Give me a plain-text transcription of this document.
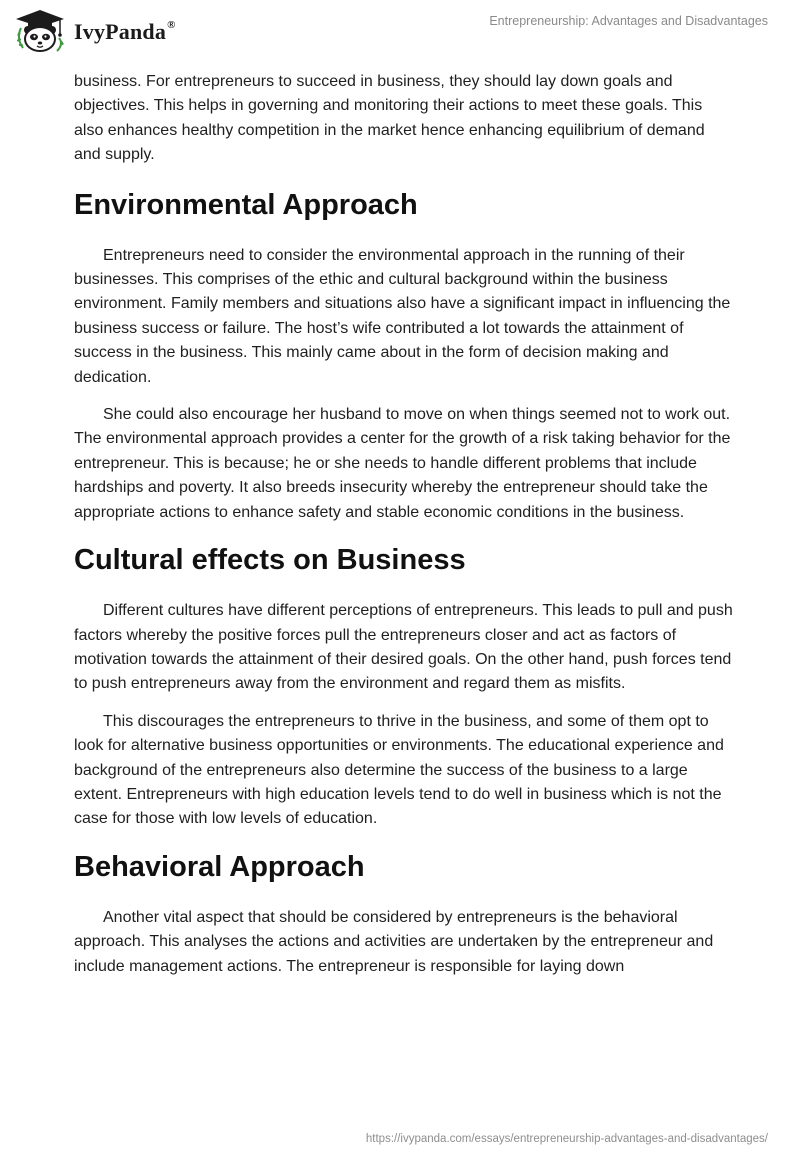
IvyPanda®	Entrepreneurship: Advantages and Disadvantages

business. For entrepreneurs to succeed in business, they should lay down goals and objectives. This helps in governing and monitoring their actions to meet these goals. This also enhances healthy competition in the market hence enhancing equilibrium of demand and supply.

Environmental Approach

Entrepreneurs need to consider the environmental approach in the running of their businesses. This comprises of the ethic and cultural background within the business environment. Family members and situations also have a significant impact in influencing the business success or failure. The host’s wife contributed a lot towards the attainment of success in the business. This mainly came about in the form of decision making and dedication.

She could also encourage her husband to move on when things seemed not to work out. The environmental approach provides a center for the growth of a risk taking behavior for the entrepreneur. This is because; he or she needs to handle different problems that include hardships and poverty. It also breeds insecurity whereby the entrepreneur should take the appropriate actions to enhance safety and stable economic conditions in the business.

Cultural effects on Business

Different cultures have different perceptions of entrepreneurs. This leads to pull and push factors whereby the positive forces pull the entrepreneurs closer and act as factors of motivation towards the attainment of their desired goals. On the other hand, push forces tend to push entrepreneurs away from the environment and regard them as misfits.

This discourages the entrepreneurs to thrive in the business, and some of them opt to look for alternative business opportunities or environments. The educational experience and background of the entrepreneurs also determine the success of the business to a large extent. Entrepreneurs with high education levels tend to do well in business which is not the case for those with low levels of education.

Behavioral Approach

Another vital aspect that should be considered by entrepreneurs is the behavioral approach. This analyses the actions and activities are undertaken by the entrepreneur and include management actions. The entrepreneur is responsible for laying down

https://ivypanda.com/essays/entrepreneurship-advantages-and-disadvantages/
